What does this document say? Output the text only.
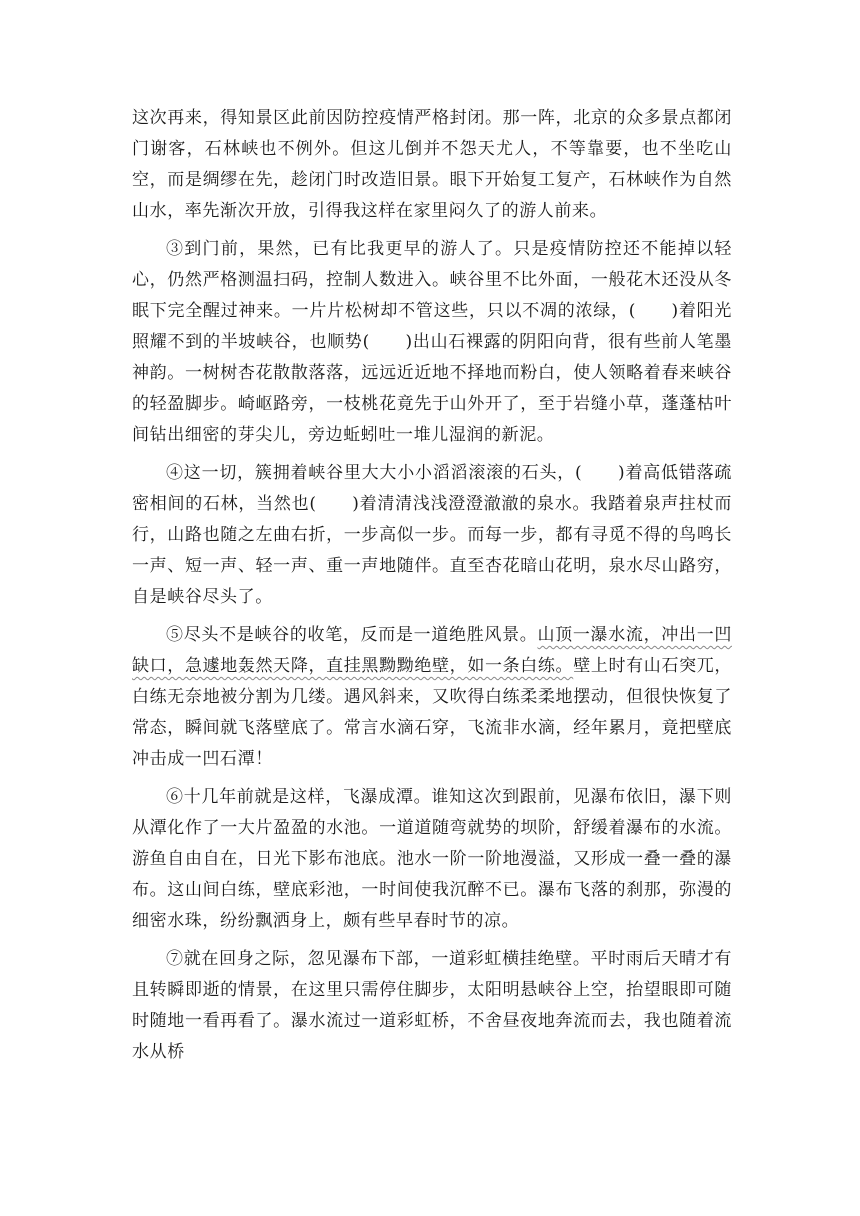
这次再来，得知景区此前因防控疫情严格封闭。那一阵，北京的众多景点都闭门谢客，石林峡也不例外。但这儿倒并不怨天尤人，不等靠要，也不坐吃山空，而是绸缪在先，趁闭门时改造旧景。眼下开始复工复产，石林峡作为自然山水，率先渐次开放，引得我这样在家里闷久了的游人前来。

③到门前，果然，已有比我更早的游人了。只是疫情防控还不能掉以轻心，仍然严格测温扫码，控制人数进入。峡谷里不比外面，一般花木还没从冬眠下完全醒过神来。一片片松树却不管这些，只以不凋的浓绿，(　　)着阳光照耀不到的半坡峡谷，也顺势(　　)出山石裸露的阴阳向背，很有些前人笔墨神韵。一树树杏花散散落落，远远近近地不择地而粉白，使人领略着春来峡谷的轻盈脚步。崎岖路旁，一枝桃花竟先于山外开了，至于岩缝小草，蓬蓬枯叶间钻出细密的芽尖儿，旁边蚯蚓吐一堆儿湿润的新泥。

④这一切，簇拥着峡谷里大大小小滔滔滚滚的石头，(　　)着高低错落疏密相间的石林，当然也(　　)着清清浅浅澄澄澈澈的泉水。我踏着泉声拄杖而行，山路也随之左曲右折，一步高似一步。而每一步，都有寻觅不得的鸟鸣长一声、短一声、轻一声、重一声地随伴。直至杏花暗山花明，泉水尽山路穷，自是峡谷尽头了。

⑤尽头不是峡谷的收笔，反而是一道绝胜风景。山顶一瀑水流，冲出一凹缺口，急遽地轰然天降，直挂黑黝黝绝壁，如一条白练。壁上时有山石突兀，白练无奈地被分割为几缕。遇风斜来，又吹得白练柔柔地摆动，但很快恢复了常态，瞬间就飞落壁底了。常言水滴石穿，飞流非水滴，经年累月，竟把壁底冲击成一凹石潭！

⑥十几年前就是这样，飞瀑成潭。谁知这次到跟前，见瀑布依旧，瀑下则从潭化作了一大片盈盈的水池。一道道随弯就势的坝阶，舒缓着瀑布的水流。游鱼自由自在，日光下影布池底。池水一阶一阶地漫溢，又形成一叠一叠的瀑布。这山间白练，壁底彩池，一时间使我沉醉不已。瀑布飞落的刹那，弥漫的细密水珠，纷纷飘洒身上，颇有些早春时节的凉。

⑦就在回身之际，忽见瀑布下部，一道彩虹横挂绝壁。平时雨后天晴才有且转瞬即逝的情景，在这里只需停住脚步，太阳明悬峡谷上空，抬望眼即可随时随地一看再看了。瀑水流过一道彩虹桥，不舍昼夜地奔流而去，我也随着流水从桥
